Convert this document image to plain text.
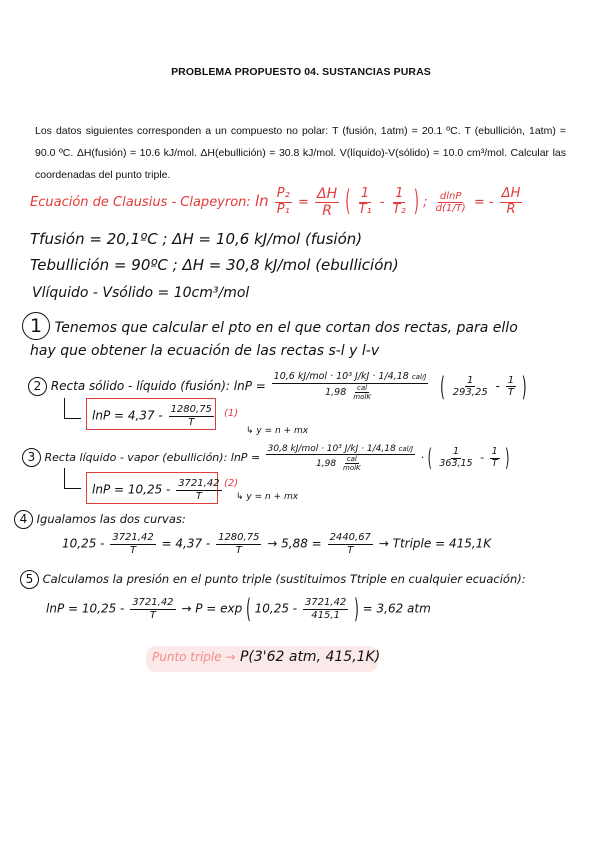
PROBLEMA PROPUESTO 04. SUSTANCIAS PURAS
Los datos siguientes corresponden a un compuesto no polar: T (fusión, 1atm) = 20.1 ºC. T (ebullición, 1atm) = 90.0 ºC. ΔH(fusión) = 10.6 kJ/mol. ΔH(ebullición) = 30.8 kJ/mol. V(líquido)-V(sólido) = 10.0 cm³/mol. Calcular las coordenadas del punto triple.
Ecuación de Clausius - Clapeyron: $\ln \frac{\text{P₂}}{\text{P₁}} = \frac{\Delta H}{R}$ ( $\frac{1}{\text{T₁}} - \frac{1}{\text{T₂}}$ ) ; $\frac{dlnP}{d(1/T)}$ = - $\frac{\Delta H}{R}$
Tfusión = 20,1ºC ; ΔH = 10,6 kJ/mol (fusión)
Tebullición = 90ºC ; ΔH = 30,8 kJ/mol (ebullición)
Vlíquido - Vsólido = 10cm³/mol
1 Tenemos que calcular el pto en el que cortan dos rectas, para ello
hay que obtener la ecuación de las rectas s-l y l-v
2 Recta sólido - líquido (fusión): $\ln P = \frac{\text{10,6 kJ/mol · 10³ J/kJ · 1/4,18 cal/J}}{1,98 \frac{\text{cal}}{\text{molK}}}$ ( $\frac{1}{293,25} - \frac{1}{T}$ )
$\ln P = 4,37 - \frac{1280,75}{T} (1)$
↳ y = n + mx
3 Recta líquido - vapor (ebullición): $\ln P = \frac{\text{30,8 kJ/mol · 10³ J/kJ · 1/4,18 cal/J}}{1,98 \frac{\text{cal}}{\text{molK}}}$ · ( $\frac{1}{363,15} - \frac{1}{T}$ )
$\ln P = 10,25 - \frac{3721,42}{T} (2)$
↳ y = n + mx
4 Igualamos las dos curvas:
$10,25 - \frac{3721,42}{T} = 4,37 - \frac{1280,75}{T} \to 5,88 = \frac{2440,67}{T}$ → Ttriple = 415,1K
5 Calculamos la presión en el punto triple (sustituimos Ttriple en cualquier ecuación):
$\ln P = 10,25 - \frac{3721,42}{T} \to P = \exp$ ( $10,25 - \frac{3721,42}{415,1}$ ) = 3,62 atm
Punto triple → P(3'62 atm, 415,1K)
